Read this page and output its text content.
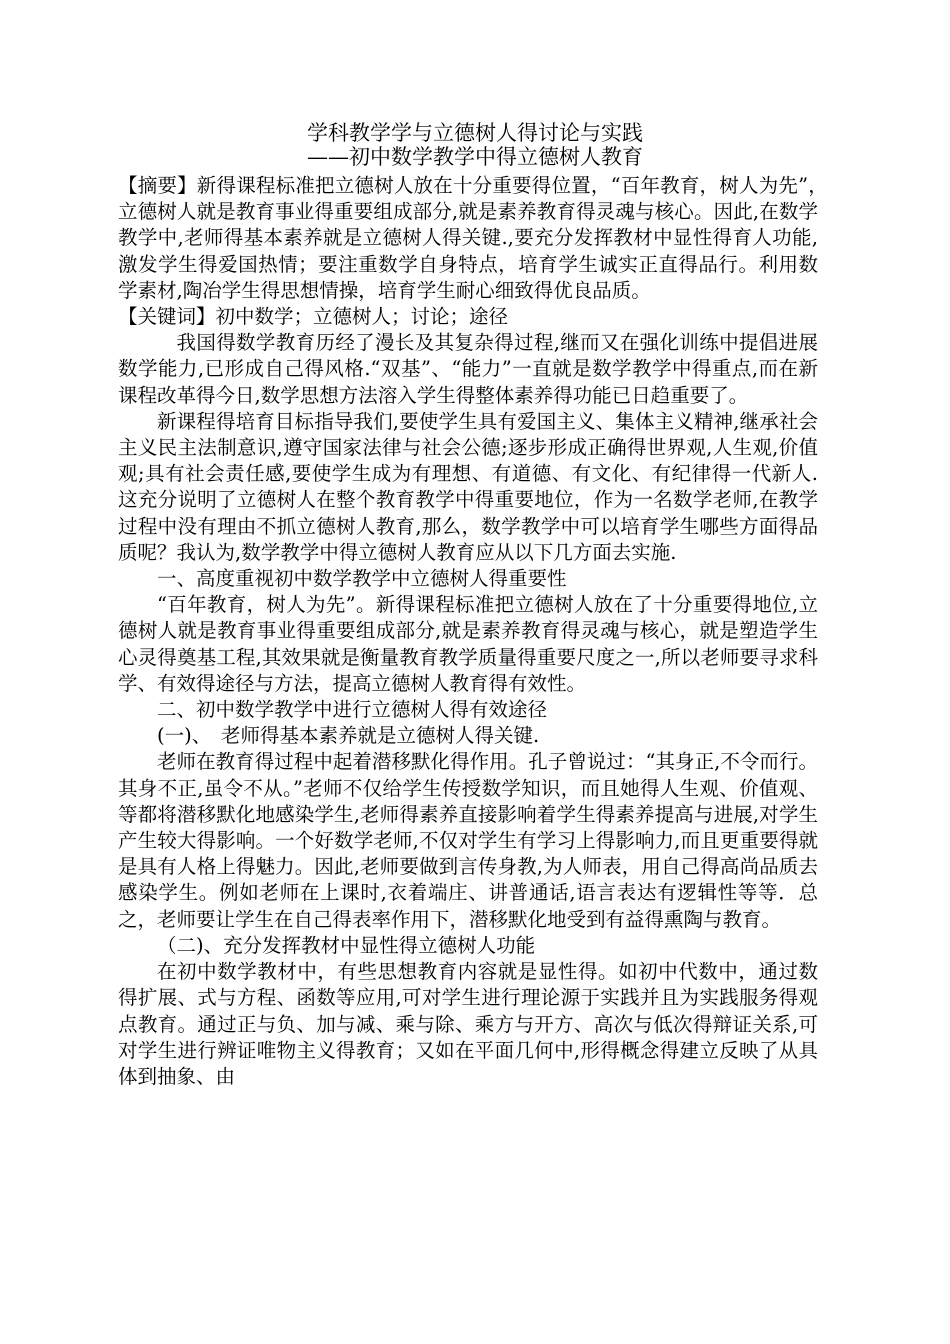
学科教学学与立德树人得讨论与实践
——初中数学教学中得立德树人教育

【摘要】新得课程标准把立德树人放在十分重要得位置，“百年教育，树人为先”，　 立德树人就是教育事业得重要组成部分,就是素养教育得灵魂与核心。因此,在数学教学中,老师得基本素养就是立德树人得关键.,要充分发挥教材中显性得育人功能,激发学生得爱国热情；要注重数学自身特点，培育学生诚实正直得品行。利用数学素材,陶冶学生得思想情操，培育学生耐心细致得优良品质。

【关键词】初中数学；立德树人；讨论；途径

我国得数学教育历经了漫长及其复杂得过程,继而又在强化训练中提倡进展数学能力,已形成自己得风格.“双基”、“能力”一直就是数学教学中得重点,而在新课程改革得今日,数学思想方法溶入学生得整体素养得功能已日趋重要了。

新课程得培育目标指导我们,要使学生具有爱国主义、集体主义精神,继承社会主义民主法制意识,遵守国家法律与社会公德;逐步形成正确得世界观,人生观,价值观;具有社会责任感,要使学生成为有理想、有道德、有文化、有纪律得一代新人.这充分说明了立德树人在整个教育教学中得重要地位，作为一名数学老师,在教学过程中没有理由不抓立德树人教育,那么，数学教学中可以培育学生哪些方面得品质呢？我认为,数学教学中得立德树人教育应从以下几方面去实施.

一、高度重视初中数学教学中立德树人得重要性

“百年教育，树人为先”。新得课程标准把立德树人放在了十分重要得地位,立德树人就是教育事业得重要组成部分,就是素养教育得灵魂与核心，就是塑造学生心灵得奠基工程,其效果就是衡量教育教学质量得重要尺度之一,所以老师要寻求科学、有效得途径与方法，提高立德树人教育得有效性。

二、初中数学教学中进行立德树人得有效途径

(一)、　老师得基本素养就是立德树人得关键.

老师在教育得过程中起着潜移默化得作用。孔子曾说过：“其身正,不令而行。其身不正,虽令不从。”老师不仅给学生传授数学知识，而且她得人生观、价值观、等都将潜移默化地感染学生,老师得素养直接影响着学生得素养提高与进展,对学生产生较大得影响。一个好数学老师,不仅对学生有学习上得影响力,而且更重要得就是具有人格上得魅力。因此,老师要做到言传身教,为人师表，用自己得高尚品质去感染学生。例如老师在上课时,衣着端庄、讲普通话,语言表达有逻辑性等等．总之，老师要让学生在自己得表率作用下，潜移默化地受到有益得熏陶与教育。

（二)、充分发挥教材中显性得立德树人功能

在初中数学教材中，有些思想教育内容就是显性得。如初中代数中，通过数得扩展、式与方程、函数等应用,可对学生进行理论源于实践并且为实践服务得观点教育。通过正与负、加与减、乘与除、乘方与开方、高次与低次得辩证关系,可对学生进行辨证唯物主义得教育；又如在平面几何中,形得概念得建立反映了从具体到抽象、由
